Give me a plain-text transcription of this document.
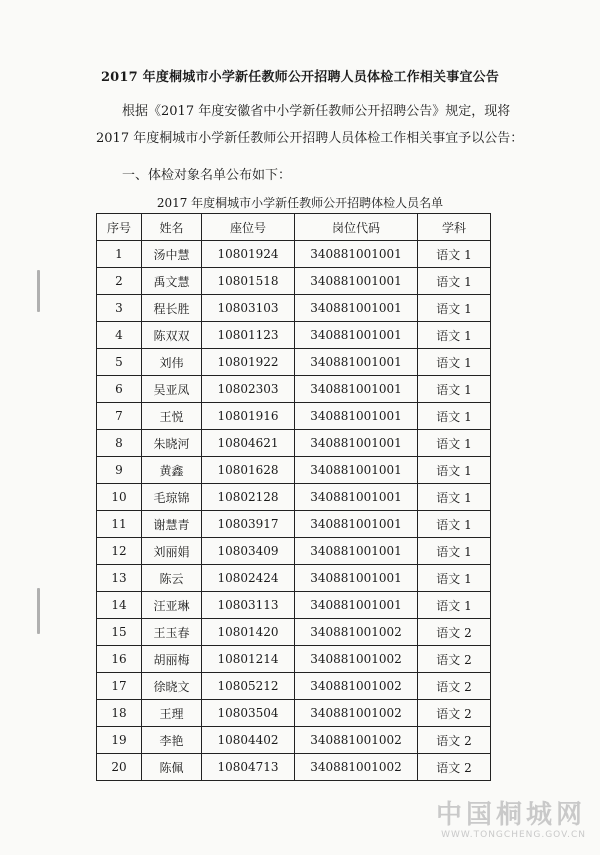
2017 年度桐城市小学新任教师公开招聘人员体检工作相关事宜公告
根据《2017 年度安徽省中小学新任教师公开招聘公告》规定，现将 2017 年度桐城市小学新任教师公开招聘人员体检工作相关事宜予以公告：
一、体检对象名单公布如下：
2017 年度桐城市小学新任教师公开招聘体检人员名单
序号	姓名	座位号	岗位代码	学科
1	汤中慧	10801924	340881001001	语文 1
2	禹文慧	10801518	340881001001	语文 1
3	程长胜	10803103	340881001001	语文 1
4	陈双双	10801123	340881001001	语文 1
5	刘伟	10801922	340881001001	语文 1
6	吴亚凤	10802303	340881001001	语文 1
7	王悦	10801916	340881001001	语文 1
8	朱晓河	10804621	340881001001	语文 1
9	黄鑫	10801628	340881001001	语文 1
10	毛琼锦	10802128	340881001001	语文 1
11	谢慧青	10803917	340881001001	语文 1
12	刘丽娟	10803409	340881001001	语文 1
13	陈云	10802424	340881001001	语文 1
14	汪亚琳	10803113	340881001001	语文 1
15	王玉春	10801420	340881001002	语文 2
16	胡丽梅	10801214	340881001002	语文 2
17	徐晓文	10805212	340881001002	语文 2
18	王理	10803504	340881001002	语文 2
19	李艳	10804402	340881001002	语文 2
20	陈佩	10804713	340881001002	语文 2
中国桐城网
WWW.TONGCHENG.GOV.CN
